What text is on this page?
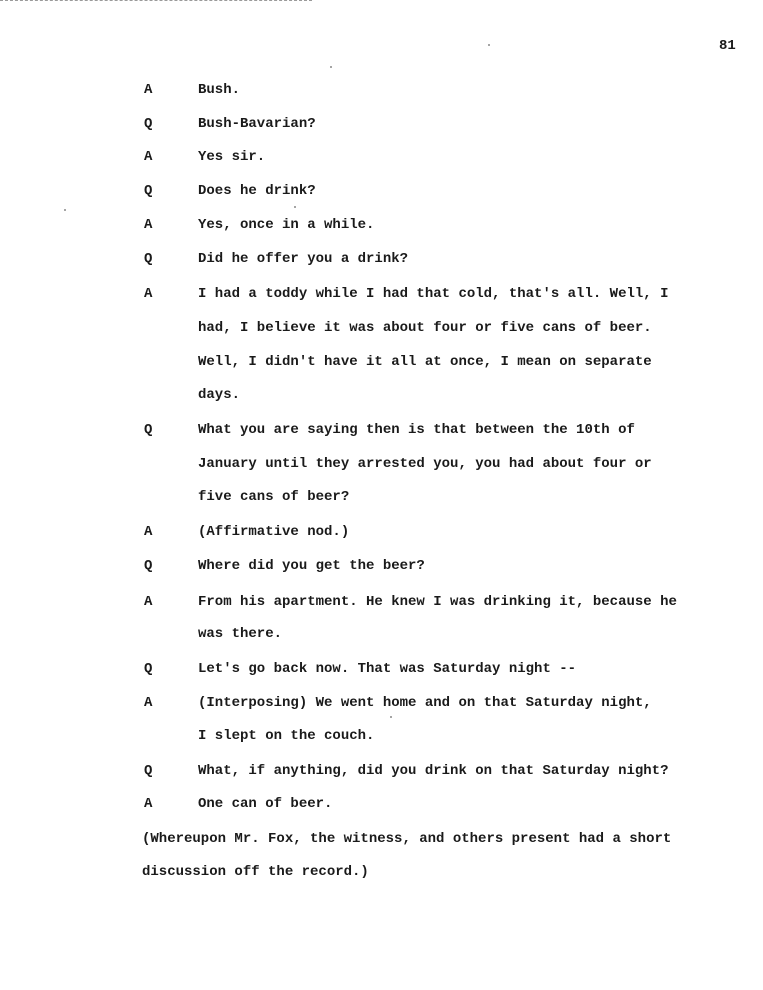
81
A	Bush.
Q	Bush-Bavarian?
A	Yes sir.
Q	Does he drink?
A	Yes, once in a while.
Q	Did he offer you a drink?
A	I had a toddy while I had that cold, that's all. Well, I
had, I believe it was about four or five cans of beer.
Well, I didn't have it all at once, I mean on separate
days.
Q	What you are saying then is that between the 10th of
January until they arrested you, you had about four or
five cans of beer?
A	(Affirmative nod.)
Q	Where did you get the beer?
A	From his apartment. He knew I was drinking it, because he
was there.
Q	Let's go back now. That was Saturday night --
A	(Interposing) We went home and on that Saturday night,
I slept on the couch.
Q	What, if anything, did you drink on that Saturday night?
A	One can of beer.
(Whereupon Mr. Fox, the witness, and others present had a short
discussion off the record.)
